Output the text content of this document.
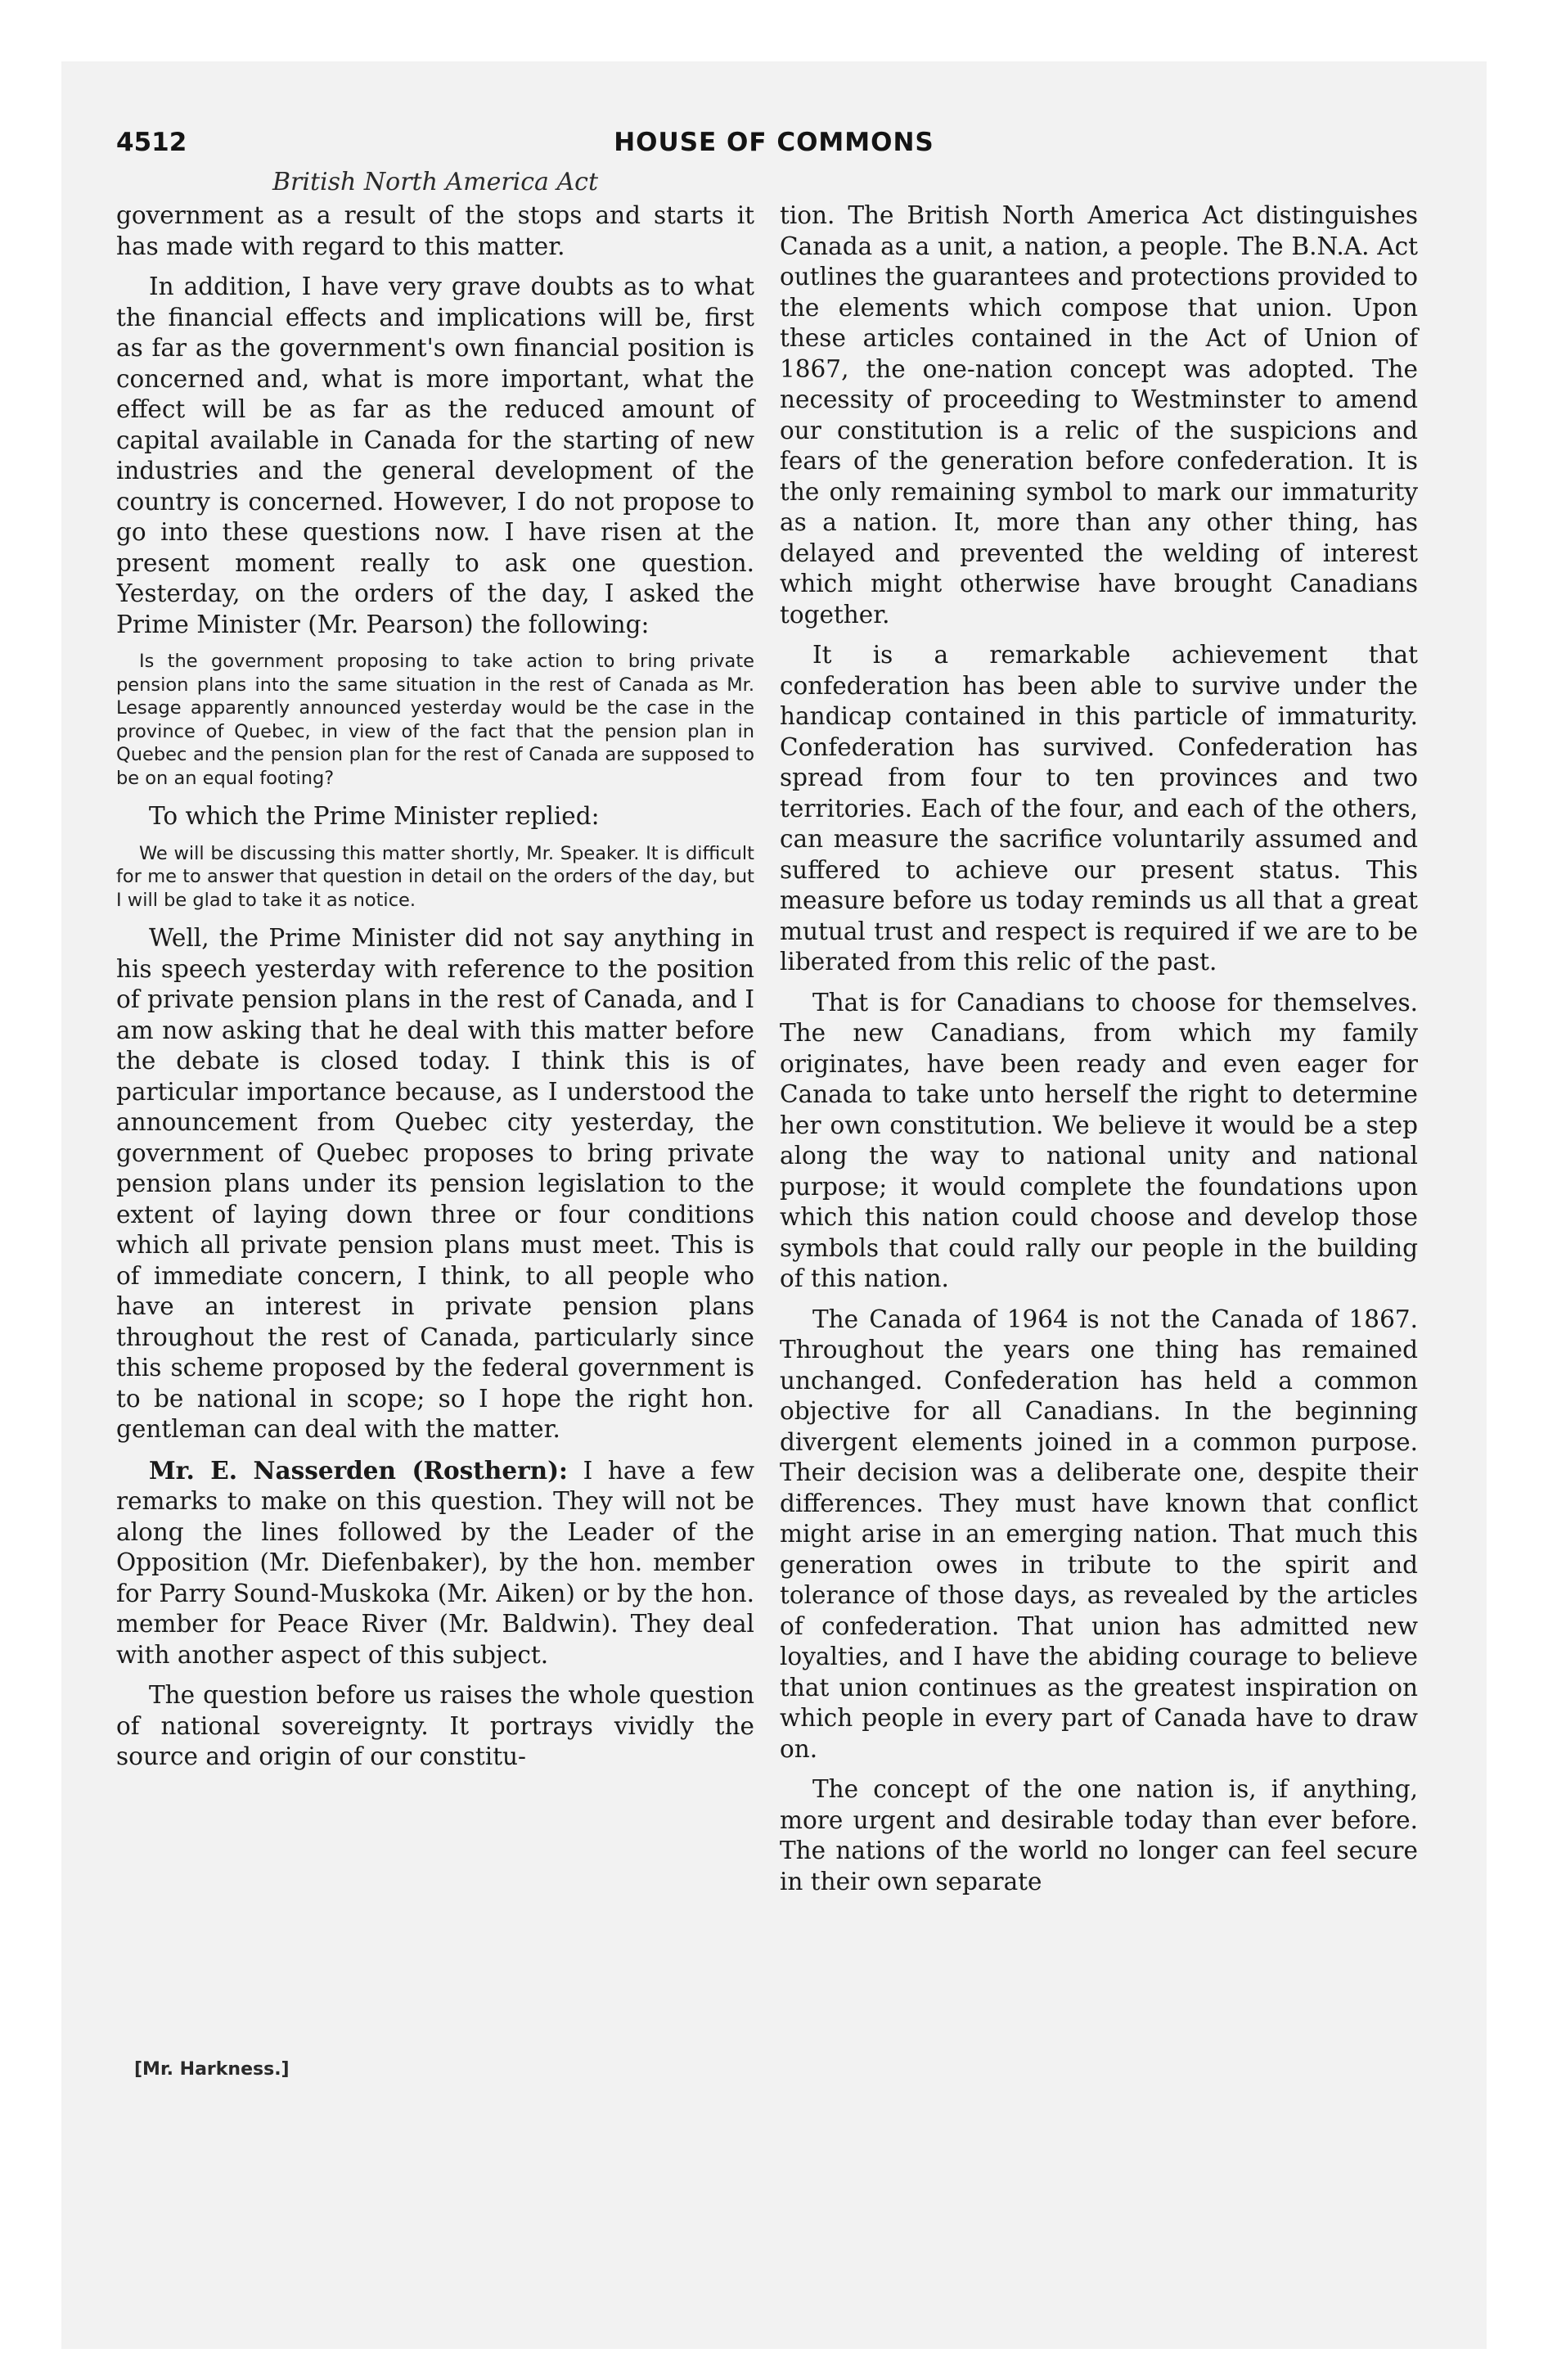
4512	HOUSE OF COMMONS
British North America Act

government as a result of the stops and starts it has made with regard to this matter.

In addition, I have very grave doubts as to what the financial effects and implications will be, first as far as the government's own financial position is concerned and, what is more important, what the effect will be as far as the reduced amount of capital available in Canada for the starting of new industries and the general development of the country is concerned. However, I do not propose to go into these questions now. I have risen at the present moment really to ask one question. Yesterday, on the orders of the day, I asked the Prime Minister (Mr. Pearson) the following:

Is the government proposing to take action to bring private pension plans into the same situation in the rest of Canada as Mr. Lesage apparently announced yesterday would be the case in the province of Quebec, in view of the fact that the pension plan in Quebec and the pension plan for the rest of Canada are supposed to be on an equal footing?

To which the Prime Minister replied:

We will be discussing this matter shortly, Mr. Speaker. It is difficult for me to answer that question in detail on the orders of the day, but I will be glad to take it as notice.

Well, the Prime Minister did not say anything in his speech yesterday with reference to the position of private pension plans in the rest of Canada, and I am now asking that he deal with this matter before the debate is closed today. I think this is of particular importance because, as I understood the announcement from Quebec city yesterday, the government of Quebec proposes to bring private pension plans under its pension legislation to the extent of laying down three or four conditions which all private pension plans must meet. This is of immediate concern, I think, to all people who have an interest in private pension plans throughout the rest of Canada, particularly since this scheme proposed by the federal government is to be national in scope; so I hope the right hon. gentleman can deal with the matter.

Mr. E. Nasserden (Rosthern): I have a few remarks to make on this question. They will not be along the lines followed by the Leader of the Opposition (Mr. Diefenbaker), by the hon. member for Parry Sound-Muskoka (Mr. Aiken) or by the hon. member for Peace River (Mr. Baldwin). They deal with another aspect of this subject.

The question before us raises the whole question of national sovereignty. It portrays vividly the source and origin of our constitu-

[Mr. Harkness.]

tion. The British North America Act distinguishes Canada as a unit, a nation, a people. The B.N.A. Act outlines the guarantees and protections provided to the elements which compose that union. Upon these articles contained in the Act of Union of 1867, the one-nation concept was adopted. The necessity of proceeding to Westminster to amend our constitution is a relic of the suspicions and fears of the generation before confederation. It is the only remaining symbol to mark our immaturity as a nation. It, more than any other thing, has delayed and prevented the welding of interest which might otherwise have brought Canadians together.

It is a remarkable achievement that confederation has been able to survive under the handicap contained in this particle of immaturity. Confederation has survived. Confederation has spread from four to ten provinces and two territories. Each of the four, and each of the others, can measure the sacrifice voluntarily assumed and suffered to achieve our present status. This measure before us today reminds us all that a great mutual trust and respect is required if we are to be liberated from this relic of the past.

That is for Canadians to choose for themselves. The new Canadians, from which my family originates, have been ready and even eager for Canada to take unto herself the right to determine her own constitution. We believe it would be a step along the way to national unity and national purpose; it would complete the foundations upon which this nation could choose and develop those symbols that could rally our people in the building of this nation.

The Canada of 1964 is not the Canada of 1867. Throughout the years one thing has remained unchanged. Confederation has held a common objective for all Canadians. In the beginning divergent elements joined in a common purpose. Their decision was a deliberate one, despite their differences. They must have known that conflict might arise in an emerging nation. That much this generation owes in tribute to the spirit and tolerance of those days, as revealed by the articles of confederation. That union has admitted new loyalties, and I have the abiding courage to believe that union continues as the greatest inspiration on which people in every part of Canada have to draw on.

The concept of the one nation is, if anything, more urgent and desirable today than ever before. The nations of the world no longer can feel secure in their own separate
